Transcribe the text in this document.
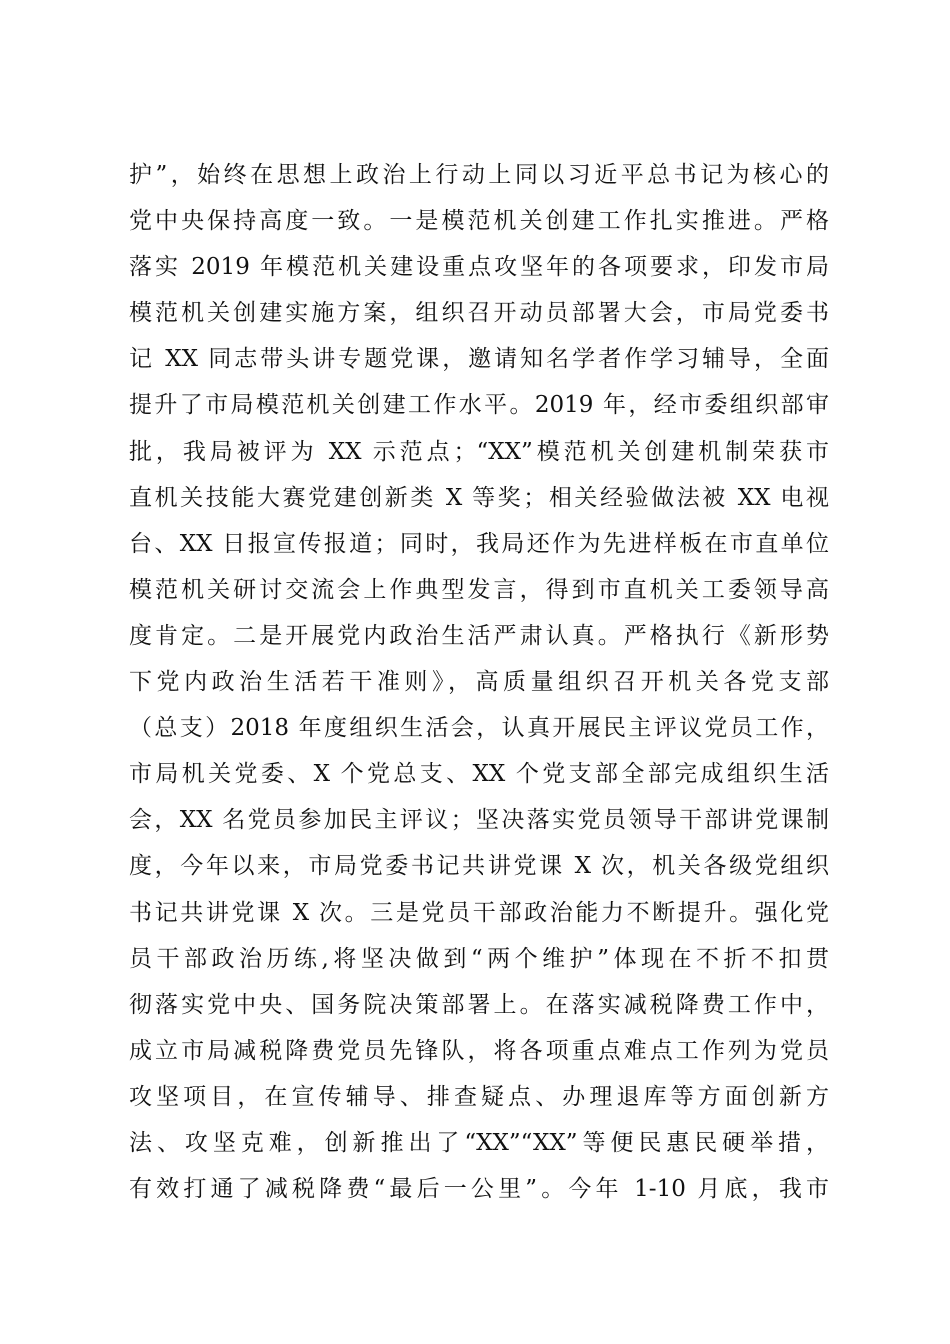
护”，始终在思想上政治上行动上同以习近平总书记为核心的
党中央保持高度一致。一是模范机关创建工作扎实推进。严格
落实 2019 年模范机关建设重点攻坚年的各项要求，印发市局
模范机关创建实施方案，组织召开动员部署大会，市局党委书
记 XX 同志带头讲专题党课，邀请知名学者作学习辅导，全面
提升了市局模范机关创建工作水平。2019 年，经市委组织部审
批，我局被评为 XX 示范点；“XX”模范机关创建机制荣获市
直机关技能大赛党建创新类 X 等奖；相关经验做法被 XX 电视
台、XX 日报宣传报道；同时，我局还作为先进样板在市直单位
模范机关研讨交流会上作典型发言，得到市直机关工委领导高
度肯定。二是开展党内政治生活严肃认真。严格执行《新形势
下党内政治生活若干准则》，高质量组织召开机关各党支部
（总支）2018 年度组织生活会，认真开展民主评议党员工作，
市局机关党委、X 个党总支、XX 个党支部全部完成组织生活
会，XX 名党员参加民主评议；坚决落实党员领导干部讲党课制
度，今年以来，市局党委书记共讲党课 X 次，机关各级党组织
书记共讲党课 X 次。三是党员干部政治能力不断提升。强化党
员干部政治历练,将坚决做到“两个维护”体现在不折不扣贯
彻落实党中央、国务院决策部署上。在落实减税降费工作中，
成立市局减税降费党员先锋队，将各项重点难点工作列为党员
攻坚项目，在宣传辅导、排查疑点、办理退库等方面创新方
法、攻坚克难，创新推出了“XX”“XX”等便民惠民硬举措，
有效打通了减税降费“最后一公里”。今年 1-10 月底，我市
